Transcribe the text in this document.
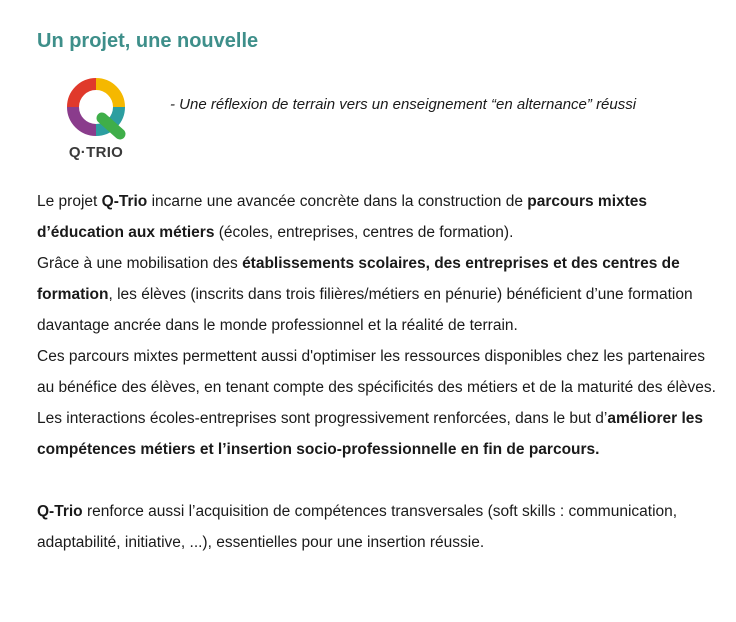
Un projet, une nouvelle
Q·TRIO

- Une réflexion de terrain vers un enseignement “en alternance” réussi

Le projet Q-Trio incarne une avancée concrète dans la construction de parcours mixtes d’éducation aux métiers (écoles, entreprises, centres de formation).

Grâce à une mobilisation des établissements scolaires, des entreprises et des centres de formation, les élèves (inscrits dans trois filières/métiers en pénurie) bénéficient d’une formation davantage ancrée dans le monde professionnel et la réalité de terrain.

Ces parcours mixtes permettent aussi d'optimiser les ressources disponibles chez les partenaires au bénéfice des élèves, en tenant compte des spécificités des métiers et de la maturité des élèves. Les interactions écoles-entreprises sont progressivement renforcées, dans le but d’améliorer les compétences métiers et l’insertion socio-professionnelle en fin de parcours.

Q-Trio renforce aussi l’acquisition de compétences transversales (soft skills : communication, adaptabilité, initiative, ...), essentielles pour une insertion réussie.
